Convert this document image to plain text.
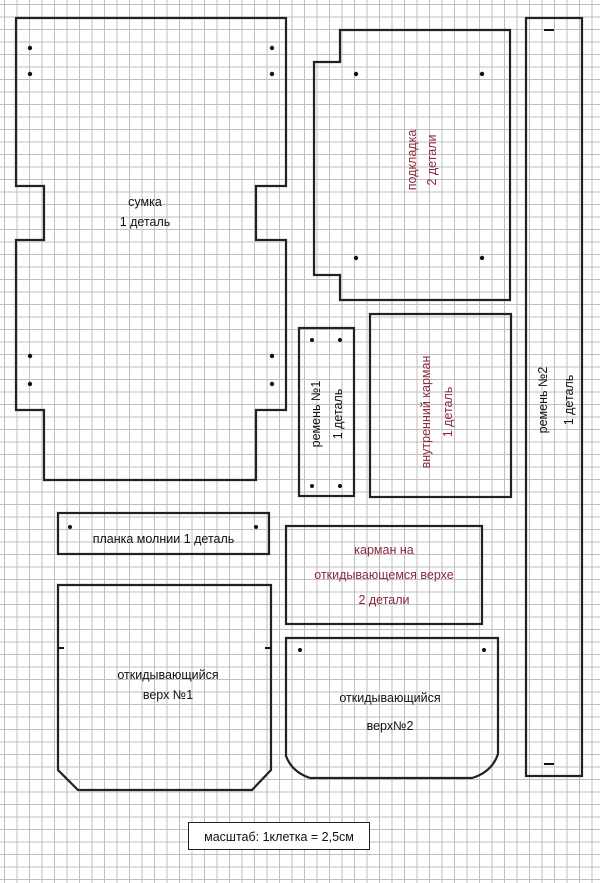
сумка
1 деталь
подкладка 2 детали
ремень №2 1 деталь
ремень №1 1 деталь	внутренний карман 1 деталь
планка молнии 1 деталь
карман на
откидывающемся верхе
2 детали
откидывающийся
верх №1	откидывающийся
верх№2
масштаб: 1клетка = 2,5см
